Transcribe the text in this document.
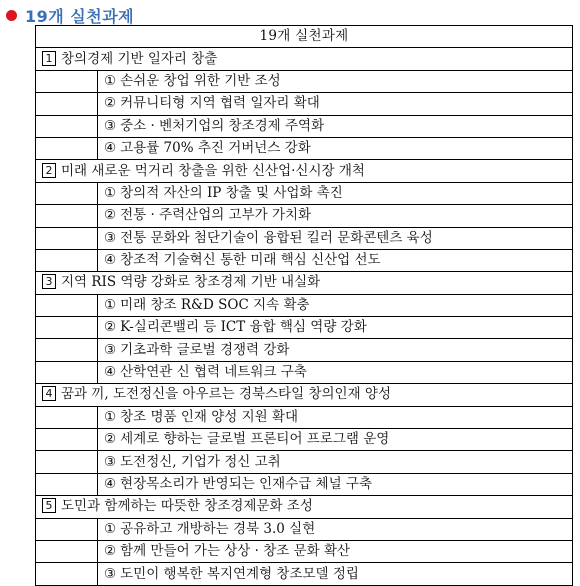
19개 실천과제
19개 실천과제	
1 창의경제 기반 일자리 창출	
	① 손쉬운 창업 위한 기반 조성
	② 커뮤니티형 지역 협력 일자리 확대
	③ 중소 · 벤처기업의 창조경제 주역화
	④ 고용률 70% 추진 거버넌스 강화
2 미래 새로운 먹거리 창출을 위한 신산업·신시장 개척	
	① 창의적 자산의 IP 창출 및 사업화 촉진
	② 전통 · 주력산업의 고부가 가치화
	③ 전통 문화와 첨단기술이 융합된 킬러 문화콘텐츠 육성
	④ 창조적 기술혁신 통한 미래 핵심 신산업 선도
3 지역 RIS 역량 강화로 창조경제 기반 내실화	
	① 미래 창조 R&D SOC 지속 확충
	② K-실리콘밸리 등 ICT 융합 핵심 역량 강화
	③ 기초과학 글로벌 경쟁력 강화
	④ 산학연관 신 협력 네트워크 구축
4 꿈과 끼, 도전정신을 아우르는 경북스타일 창의인재 양성	
	① 창조 명품 인재 양성 지원 확대
	② 세계로 향하는 글로벌 프론티어 프로그램 운영
	③ 도전정신, 기업가 정신 고취
	④ 현장목소리가 반영되는 인재수급 체널 구축
5 도민과 함께하는 따뜻한 창조경제문화 조성	
	① 공유하고 개방하는 경북 3.0 실현
	② 함께 만들어 가는 상상 · 창조 문화 확산
	③ 도민이 행복한 복지연계형 창조모델 정립
